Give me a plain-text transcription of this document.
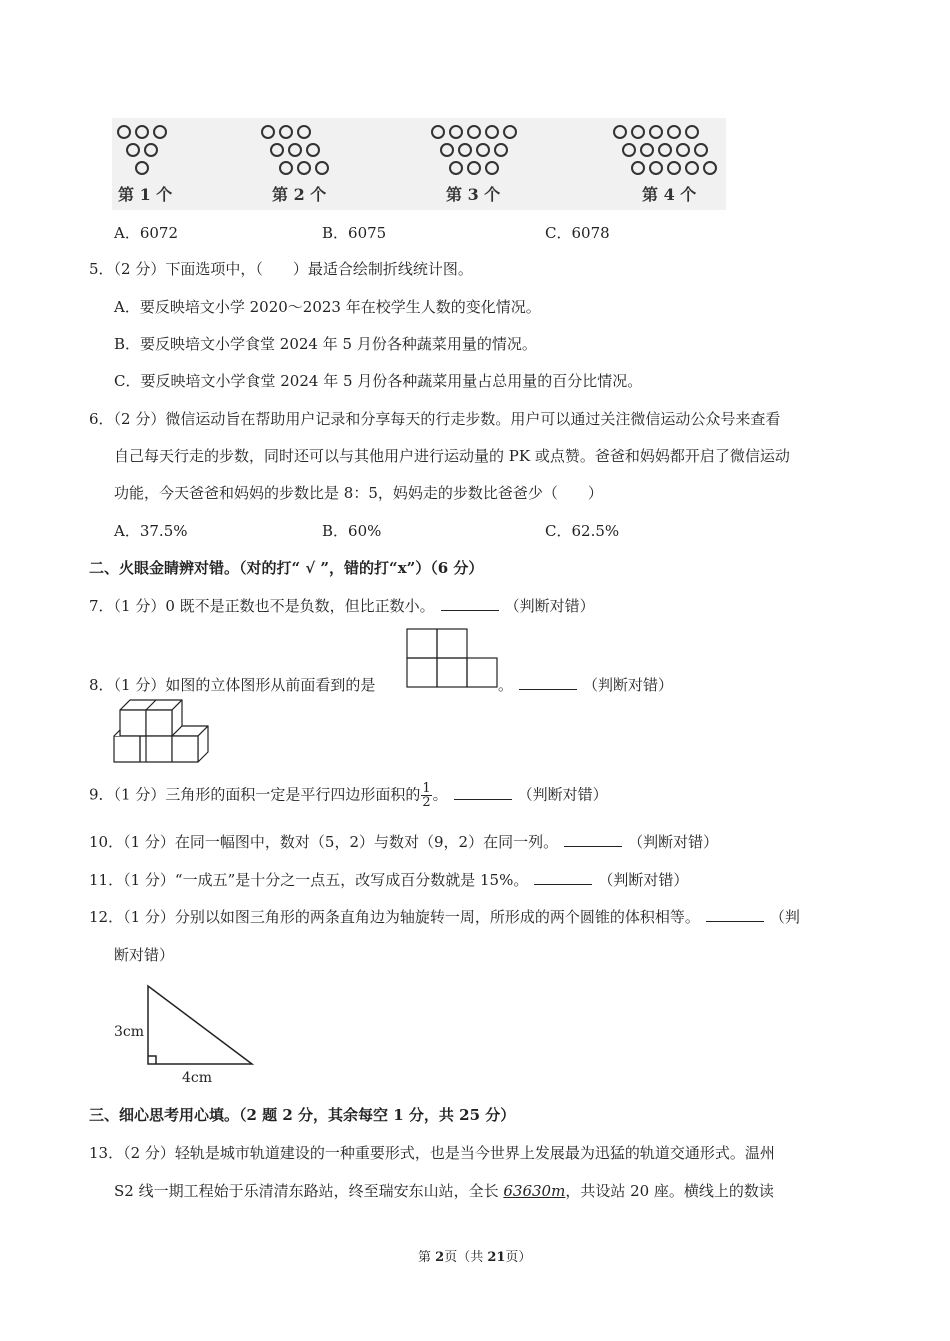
第 1 个	第 2 个	第 3 个	第 4 个
A．6072	B．6075	C．6078
5．（2 分）下面选项中，（　　）最适合绘制折线统计图。
A．要反映培文小学 2020～2023 年在校学生人数的变化情况。
B．要反映培文小学食堂 2024 年 5 月份各种蔬菜用量的情况。
C．要反映培文小学食堂 2024 年 5 月份各种蔬菜用量占总用量的百分比情况。
6．（2 分）微信运动旨在帮助用户记录和分享每天的行走步数。用户可以通过关注微信运动公众号来查看
自己每天行走的步数，同时还可以与其他用户进行运动量的 PK 或点赞。爸爸和妈妈都开启了微信运动
功能，今天爸爸和妈妈的步数比是 8：5，妈妈走的步数比爸爸少（　　）
A．37.5%	B．60%	C．62.5%
二、火眼金睛辨对错。（对的打“ √ ”，错的打“x”）（6 分）
7．（1 分）0 既不是正数也不是负数，但比正数小。	（判断对错）
8．（1 分）如图的立体图形从前面看到的是	。	（判断对错）
9．（1 分）三角形的面积一定是平行四边形面积的 $\frac{1}{2}$ 。	（判断对错）
10．（1 分）在同一幅图中，数对（5，2）与数对（9，2）在同一列。	（判断对错）
11．（1 分）“一成五”是十分之一点五，改写成百分数就是 15%。	（判断对错）
12．（1 分）分别以如图三角形的两条直角边为轴旋转一周，所形成的两个圆锥的体积相等。	（判
断对错）
3cm
4cm
三、细心思考用心填。（2 题 2 分，其余每空 1 分，共 25 分）
13．（2 分）轻轨是城市轨道建设的一种重要形式，也是当今世界上发展最为迅猛的轨道交通形式。温州
S2 线一期工程始于乐清清东路站，终至瑞安东山站，全长 63630m，共设站 20 座。横线上的数读
第 2页（共 21页）
